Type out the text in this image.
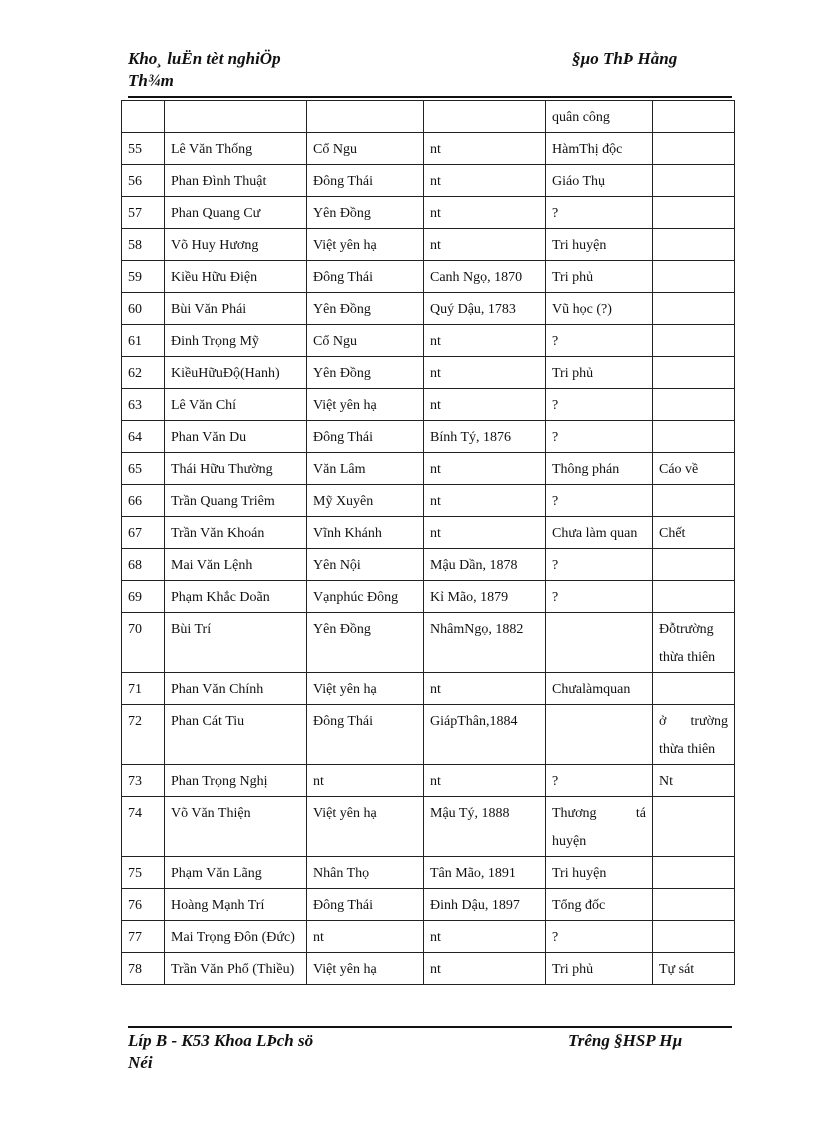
Kho¸ luËn tèt nghiÖp
Th¾m
§µo ThÞ Hằng
				quân công	
55	Lê Văn Thống	Cổ Ngu	nt	HàmThị độc	
56	Phan Đình Thuật	Đông Thái	nt	Giáo Thụ	
57	Phan Quang Cư	Yên Đồng	nt	?	
58	Võ Huy Hương	Việt yên hạ	nt	Tri huyện	
59	Kiều Hữu Điện	Đông Thái	Canh Ngọ, 1870	Tri phủ	
60	Bùi Văn Phái	Yên Đồng	Quý Dậu, 1783	Vũ học (?)	
61	Đinh Trọng Mỹ	Cổ Ngu	nt	?	
62	KiềuHữuĐộ(Hanh)	Yên Đồng	nt	Tri phủ	
63	Lê Văn Chí	Việt yên hạ	nt	?	
64	Phan Văn Du	Đông Thái	Bính Tý, 1876	?	
65	Thái Hữu Thường	Văn Lâm	nt	Thông phán	Cáo về
66	Trần Quang Triêm	Mỹ Xuyên	nt	?	
67	Trần Văn Khoán	Vĩnh Khánh	nt	Chưa làm quan	Chết
68	Mai Văn Lệnh	Yên Nội	Mậu Dần, 1878	?	
69	Phạm Khắc Doãn	Vạnphúc Đông	Kỉ Mão, 1879	?	
70	Bùi Trí	Yên Đồng	NhâmNgọ, 1882		Đỗtrường thừa thiên
71	Phan Văn Chính	Việt yên hạ	nt	Chưalàmquan	
72	Phan Cát Tiu	Đông Thái	GiápThân,1884		ở trường thừa thiên
73	Phan Trọng Nghị	nt	nt	?	Nt
74	Võ Văn Thiện	Việt yên hạ	Mậu Tý, 1888	Thương tá huyện	
75	Phạm Văn Lãng	Nhân Thọ	Tân Mão, 1891	Tri huyện	
76	Hoàng Mạnh Trí	Đông Thái	Đinh Dậu, 1897	Tổng đốc	
77	Mai Trọng Đôn (Đức)	nt	nt	?	
78	Trần Văn Phổ (Thiều)	Việt yên hạ	nt	Tri phủ	Tự sát
Líp B - K53 Khoa LÞch sö
Néi
Trêng §HSP Hµ
